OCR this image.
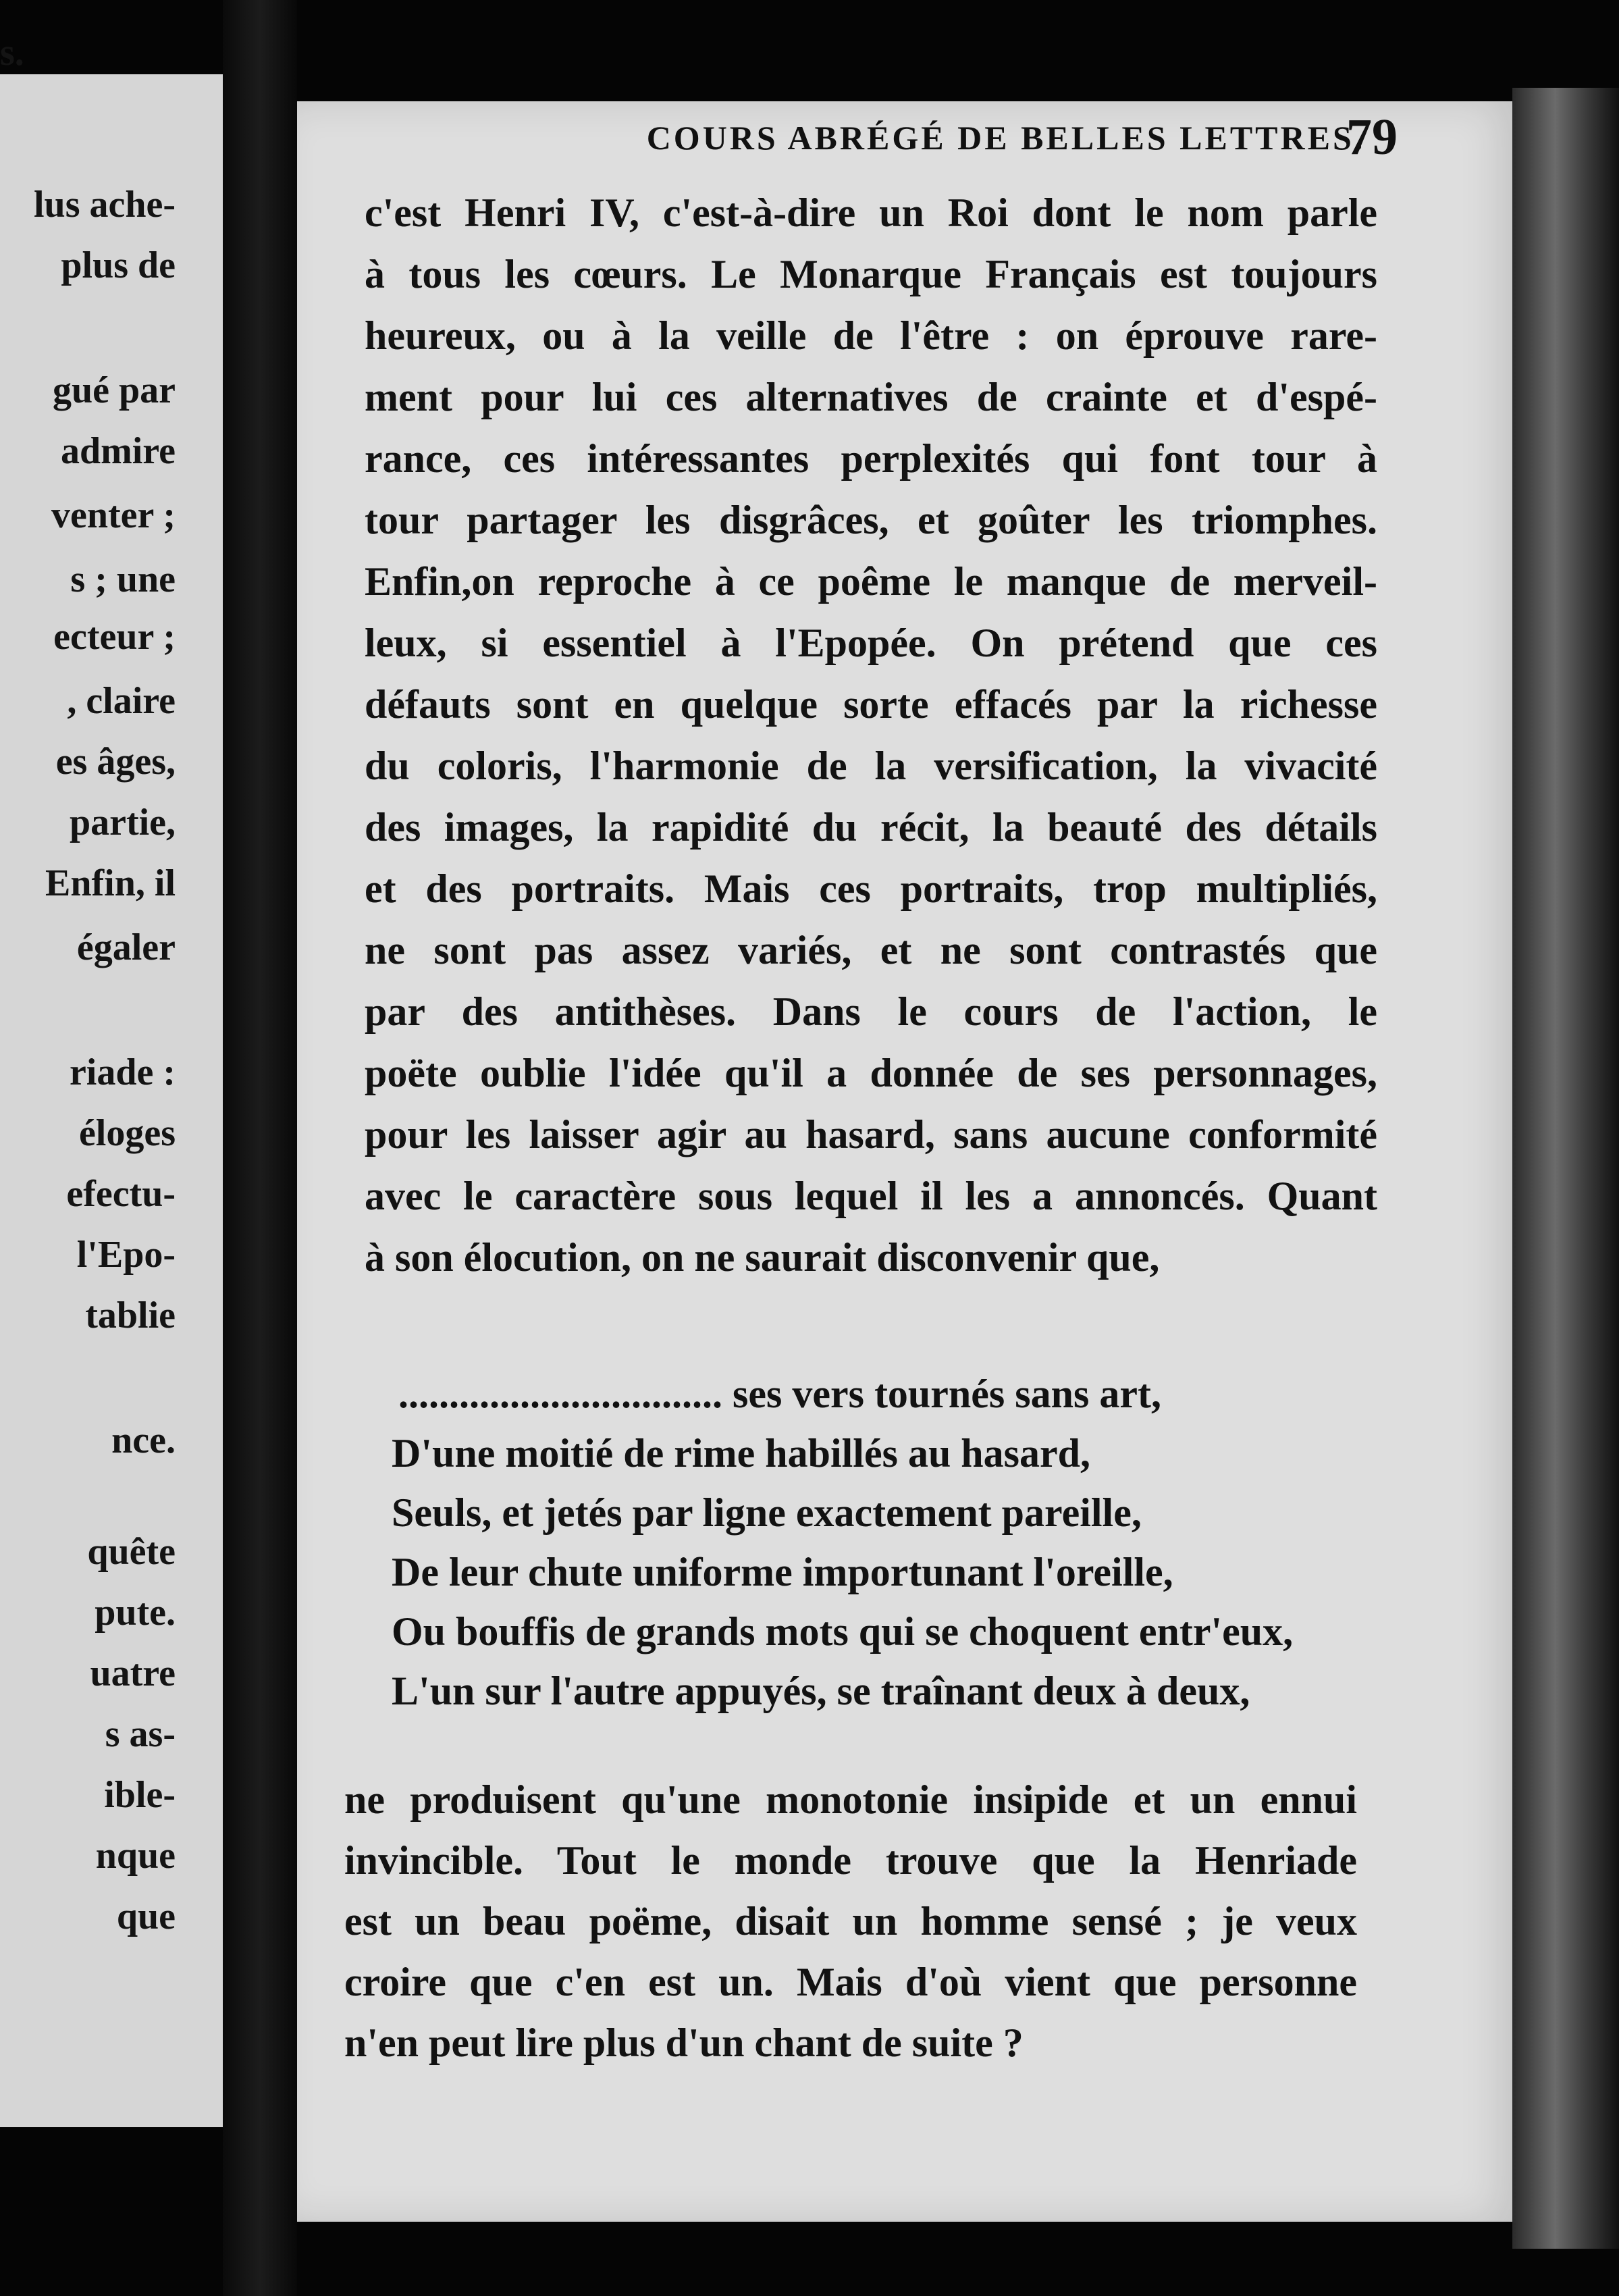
s.
lus ache-
plus de
gué par
admire
venter ;
s ; une
ecteur ;
, claire
es âges,
partie,
Enfin, il
égaler
riade :
éloges
efectu-
l'Epo-
tablie
nce.
quête
pute.
uatre
s as-
ible-
nque
que
COURS ABRÉGÉ DE BELLES LETTRES.
79
c'est Henri IV, c'est-à-dire un Roi dont le nom parle
à tous les cœurs. Le Monarque Français est toujours
heureux, ou à la veille de l'être : on éprouve rare-
ment pour lui ces alternatives de crainte et d'espé-
rance, ces intéressantes perplexités qui font tour à
tour partager les disgrâces, et goûter les triomphes.
Enfin,on reproche à ce poême le manque de merveil-
leux, si essentiel à l'Epopée. On prétend que ces
défauts sont en quelque sorte effacés par la richesse
du coloris, l'harmonie de la versification, la vivacité
des images, la rapidité du récit, la beauté des détails
et des portraits. Mais ces portraits, trop multipliés,
ne sont pas assez variés, et ne sont contrastés que
par des antithèses. Dans le cours de l'action, le
poëte oublie l'idée qu'il a donnée de ses personnages,
pour les laisser agir au hasard, sans aucune conformité
avec le caractère sous lequel il les a annoncés. Quant
à son élocution, on ne saurait disconvenir que,
................................ ses vers tournés sans art,
D'une moitié de rime habillés au hasard,
Seuls, et jetés par ligne exactement pareille,
De leur chute uniforme importunant l'oreille,
Ou bouffis de grands mots qui se choquent entr'eux,
L'un sur l'autre appuyés, se traînant deux à deux,
ne produisent qu'une monotonie insipide et un ennui
invincible. Tout le monde trouve que la Henriade
est un beau poëme, disait un homme sensé ; je veux
croire que c'en est un. Mais d'où vient que personne
n'en peut lire plus d'un chant de suite ?
